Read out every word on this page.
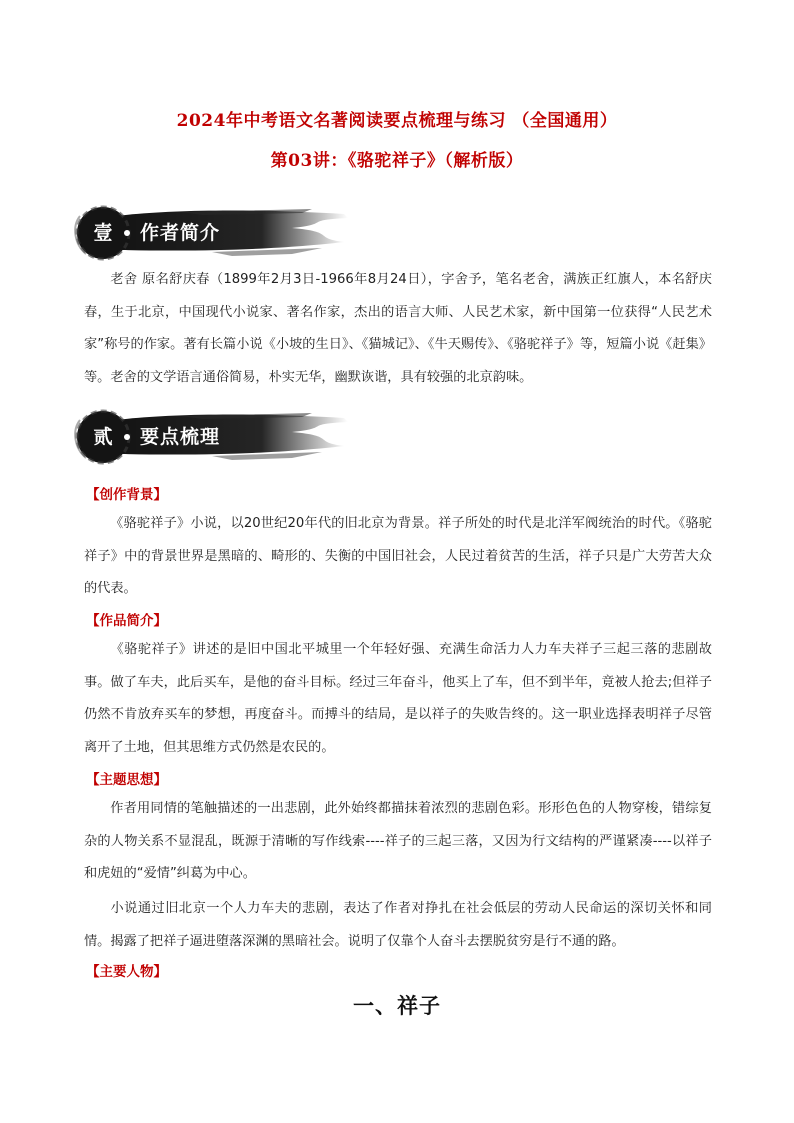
2024年中考语文名著阅读要点梳理与练习 （全国通用）
第03讲：《骆驼祥子》（解析版）
壹 作者简介
老舍 原名舒庆春（1899年2月3日-1966年8月24日），字舍予，笔名老舍，满族正红旗人，本名舒庆春，生于北京，中国现代小说家、著名作家，杰出的语言大师、人民艺术家，新中国第一位获得“人民艺术家”称号的作家。著有长篇小说《小坡的生日》、《猫城记》、《牛天赐传》、《骆驼祥子》等，短篇小说《赶集》等。老舍的文学语言通俗简易，朴实无华，幽默诙谐，具有较强的北京韵味。
贰 要点梳理
【创作背景】
《骆驼祥子》小说，以20世纪20年代的旧北京为背景。祥子所处的时代是北洋军阀统治的时代。《骆驼祥子》中的背景世界是黑暗的、畸形的、失衡的中国旧社会，人民过着贫苦的生活，祥子只是广大劳苦大众的代表。
【作品简介】
《骆驼祥子》讲述的是旧中国北平城里一个年轻好强、充满生命活力人力车夫祥子三起三落的悲剧故事。做了车夫，此后买车，是他的奋斗目标。经过三年奋斗，他买上了车，但不到半年，竟被人抢去;但祥子仍然不肯放弃买车的梦想，再度奋斗。而搏斗的结局，是以祥子的失败告终的。这一职业选择表明祥子尽管离开了土地，但其思维方式仍然是农民的。
【主题思想】
作者用同情的笔触描述的一出悲剧，此外始终都描抹着浓烈的悲剧色彩。形形色色的人物穿梭，错综复杂的人物关系不显混乱，既源于清晰的写作线索----祥子的三起三落，又因为行文结构的严谨紧凑----以祥子和虎妞的“爱情”纠葛为中心。
小说通过旧北京一个人力车夫的悲剧，表达了作者对挣扎在社会低层的劳动人民命运的深切关怀和同情。揭露了把祥子逼进堕落深渊的黑暗社会。说明了仅靠个人奋斗去摆脱贫穷是行不通的路。
【主要人物】
一、祥子
